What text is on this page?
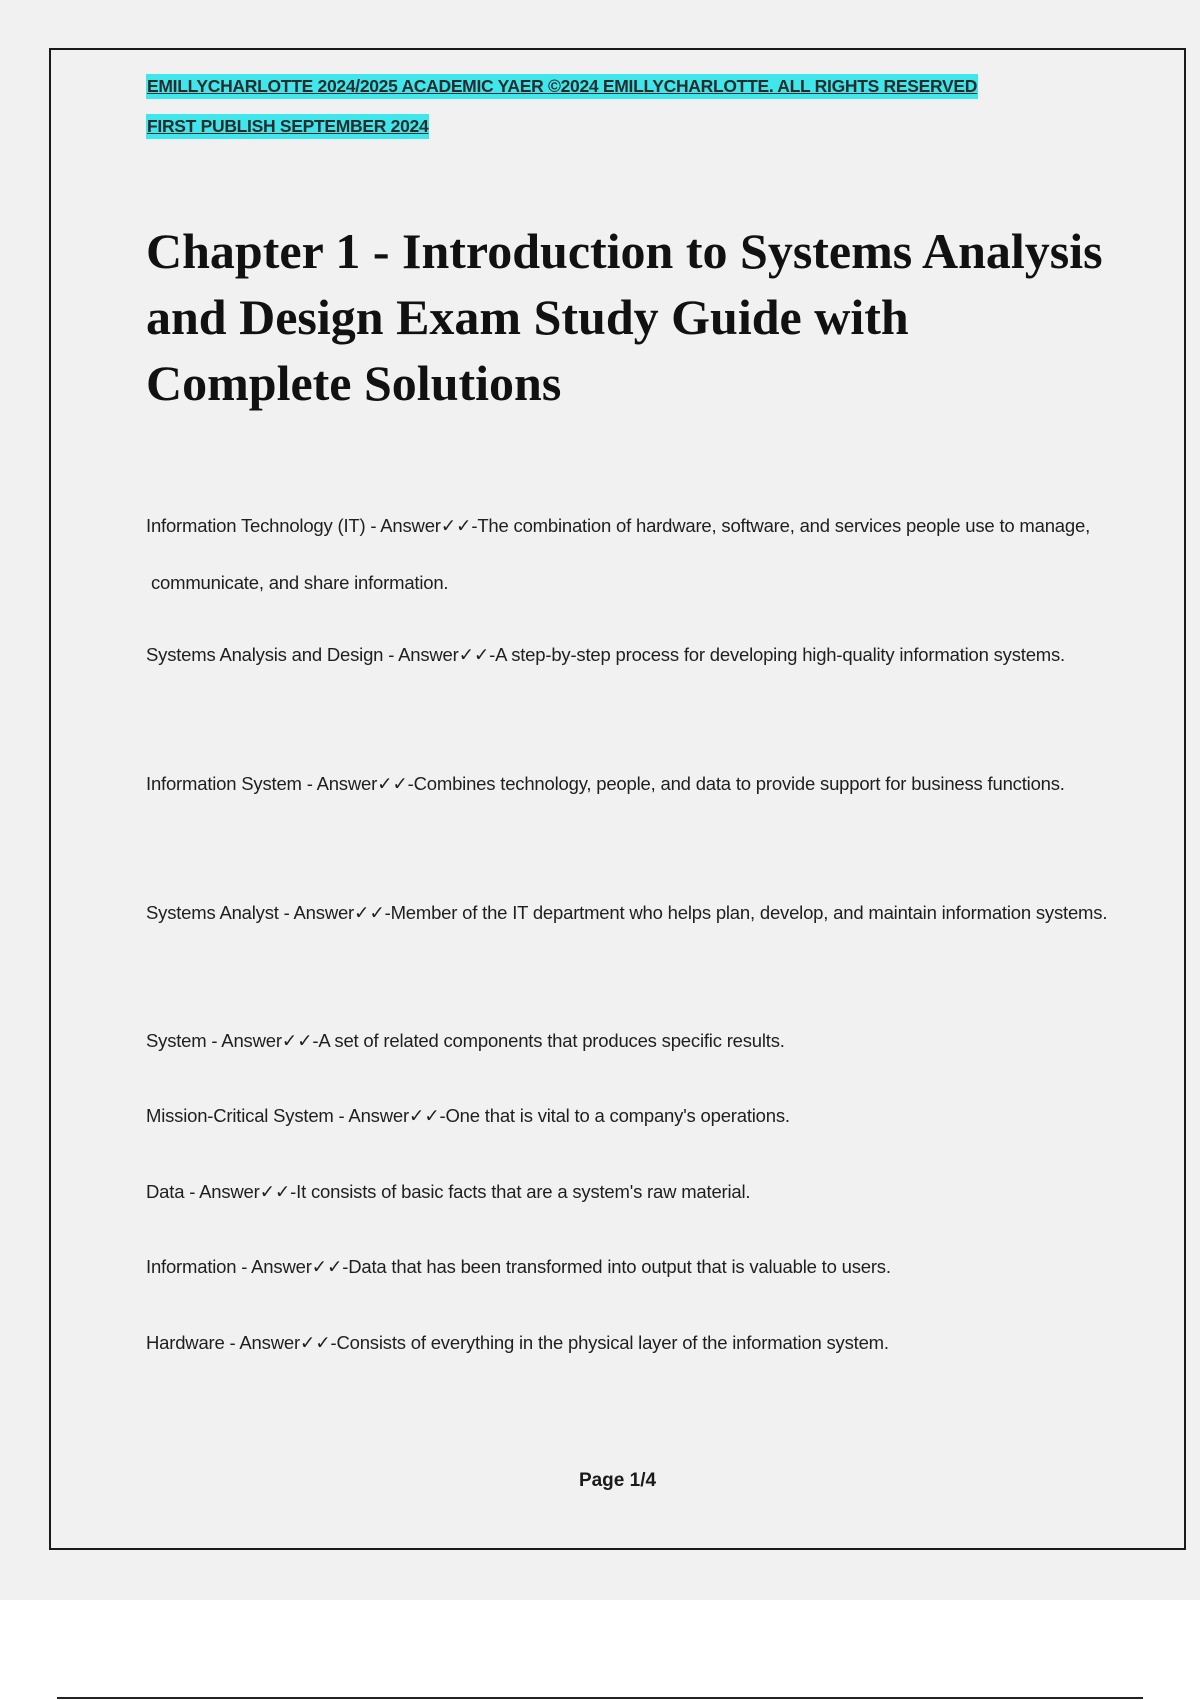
EMILLYCHARLOTTE 2024/2025 ACADEMIC YAER ©2024 EMILLYCHARLOTTE. ALL RIGHTS RESERVED
FIRST PUBLISH SEPTEMBER 2024
Chapter 1 - Introduction to Systems Analysis and Design Exam Study Guide with Complete Solutions

Information Technology (IT) - Answer✓✓-The combination of hardware, software, and services people use to manage, communicate, and share information.

Systems Analysis and Design - Answer✓✓-A step-by-step process for developing high-quality information systems.

Information System - Answer✓✓-Combines technology, people, and data to provide support for business functions.

Systems Analyst - Answer✓✓-Member of the IT department who helps plan, develop, and maintain information systems.

System - Answer✓✓-A set of related components that produces specific results.

Mission-Critical System - Answer✓✓-One that is vital to a company's operations.

Data - Answer✓✓-It consists of basic facts that are a system's raw material.

Information - Answer✓✓-Data that has been transformed into output that is valuable to users.

Hardware - Answer✓✓-Consists of everything in the physical layer of the information system.

Page 1/4
